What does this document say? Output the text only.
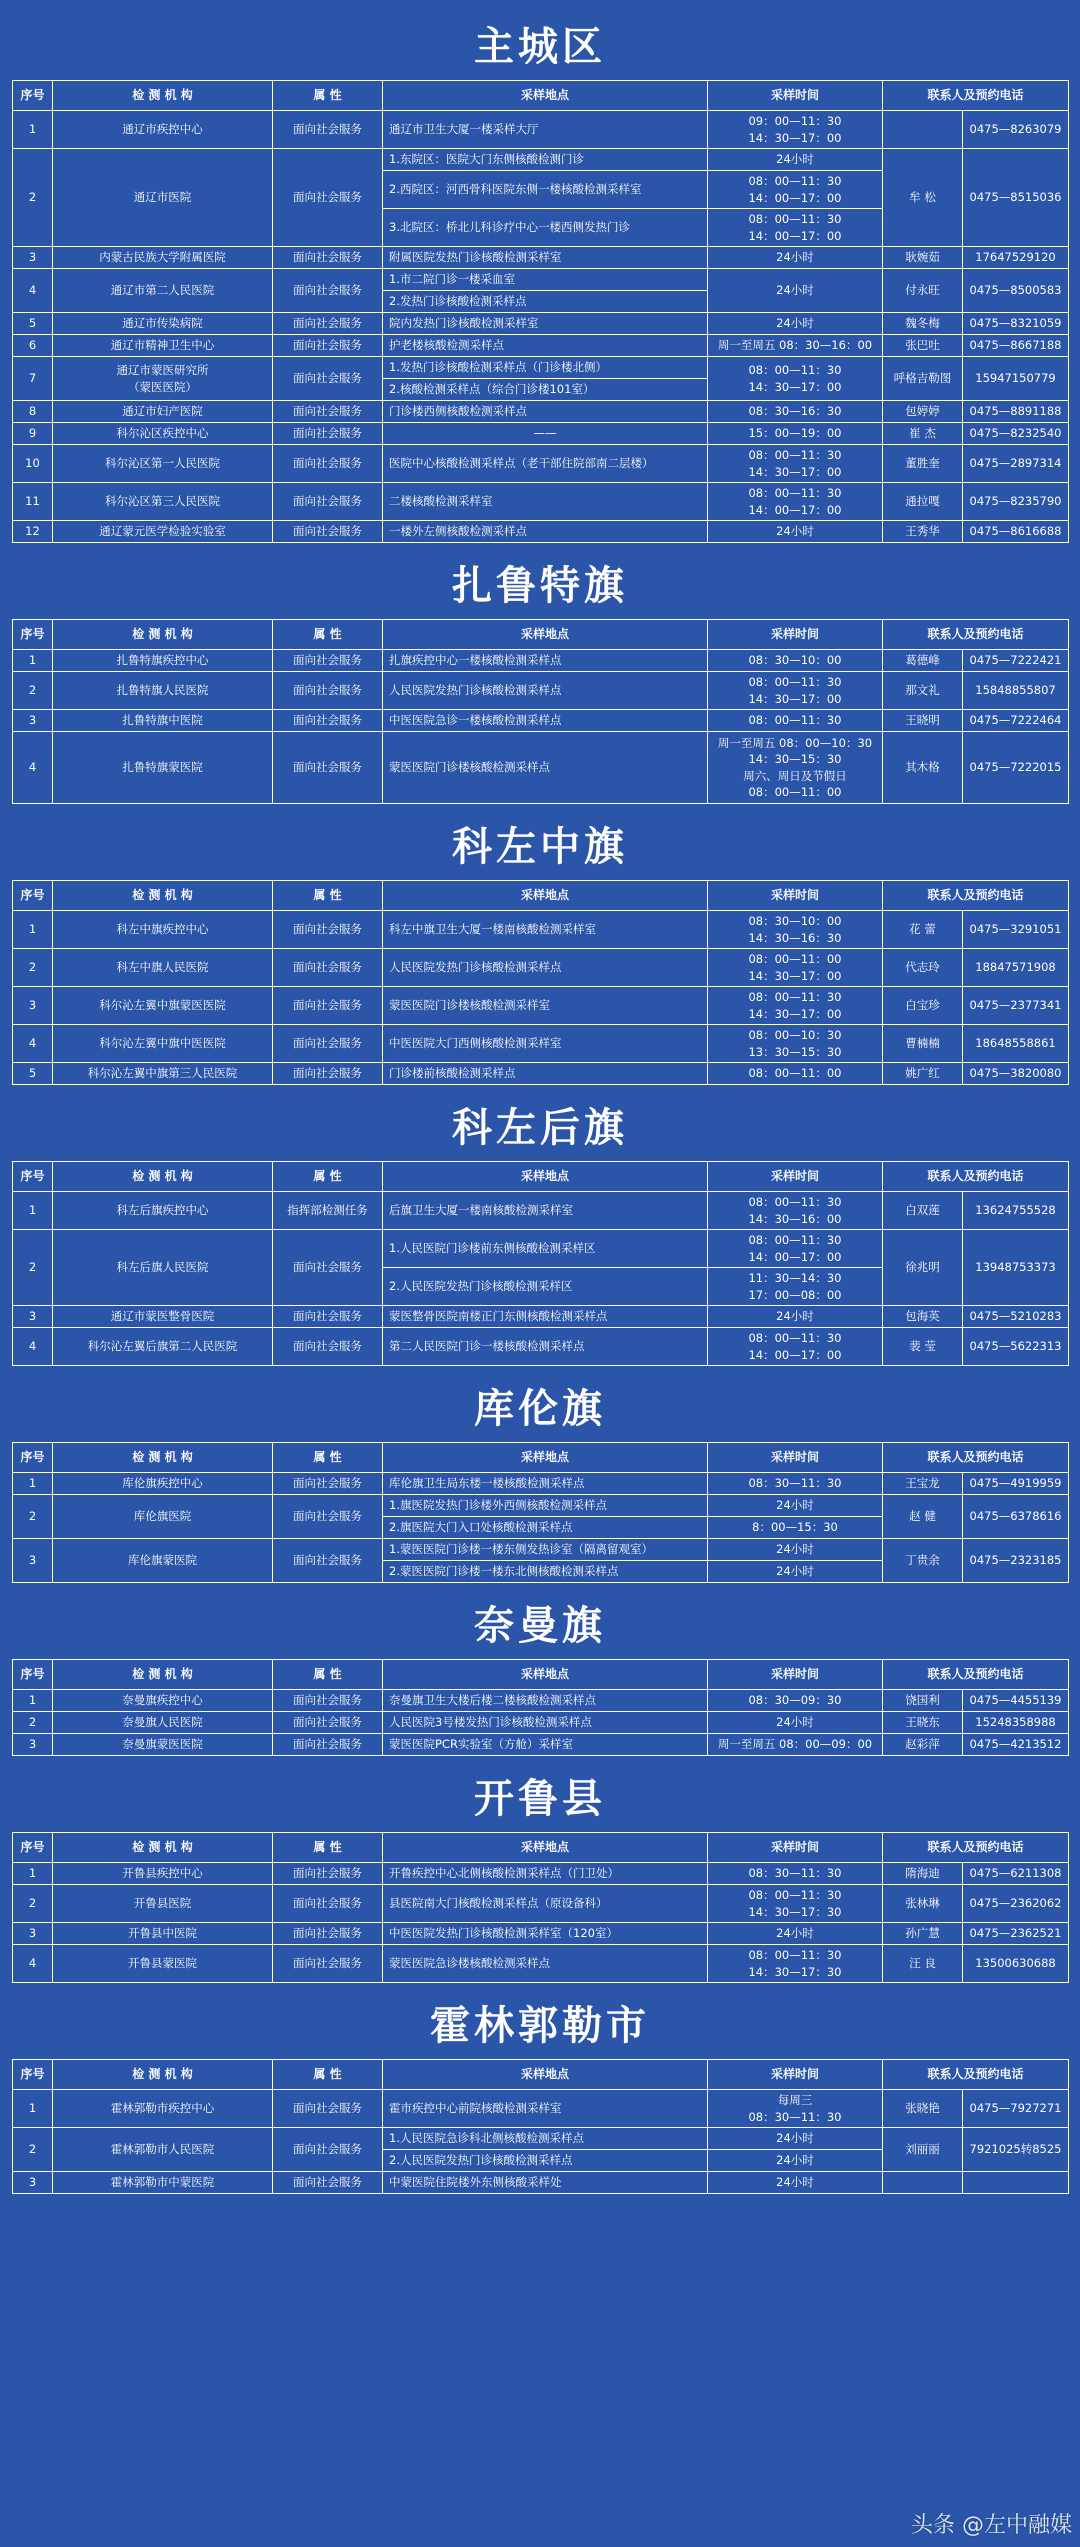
主城区
序号	检 测 机 构	属 性	采样地点	采样时间	联系人及预约电话	
1	通辽市疾控中心	面向社会服务	通辽市卫生大厦一楼采样大厅	09：00—11：30
14：30—17：00		0475—8263079
2	通辽市医院	面向社会服务	1.东院区：医院大门东侧核酸检测门诊	24小时	牟 松	0475—8515036
			2.西院区：河西骨科医院东侧一楼核酸检测采样室	08：00—11：30
14：00—17：00		

			3.北院区：桥北儿科诊疗中心一楼西侧发热门诊	08：00—11：30
14：00—17：00		

3	内蒙古民族大学附属医院	面向社会服务	附属医院发热门诊核酸检测采样室	24小时	耿婉茹	17647529120
4	通辽市第二人民医院	面向社会服务	1.市二院门诊一楼采血室	24小时	付永旺	0475—8500583
			2.发热门诊核酸检测采样点			
5	通辽市传染病院	面向社会服务	院内发热门诊核酸检测采样室	24小时	魏冬梅	0475—8321059
6	通辽市精神卫生中心	面向社会服务	护老楼核酸检测采样点	周一至周五 08：30—16：00	张巴吐	0475—8667188
7	通辽市蒙医研究所
（蒙医医院）	面向社会服务	1.发热门诊核酸检测采样点（门诊楼北侧）	08：00—11：30
14：30—17：00	呼格吉勒图	15947150779
			2.核酸检测采样点（综合门诊楼101室）			
8	通辽市妇产医院	面向社会服务	门诊楼西侧核酸检测采样点	08：30—16：30	包婷婷	0475—8891188
9	科尔沁区疾控中心	面向社会服务	——	15：00—19：00	崔 杰	0475—8232540
10	科尔沁区第一人民医院	面向社会服务	医院中心核酸检测采样点（老干部住院部南二层楼）	08：00—11：30
14：30—17：00	董胜奎	0475—2897314
11	科尔沁区第三人民医院	面向社会服务	二楼核酸检测采样室	08：00—11：30
14：00—17：00	通拉嘎	0475—8235790
12	通辽蒙元医学检验实验室	面向社会服务	一楼外左侧核酸检测采样点	24小时	王秀华	0475—8616688
扎鲁特旗
序号	检 测 机 构	属 性	采样地点	采样时间	联系人及预约电话	
1	扎鲁特旗疾控中心	面向社会服务	扎旗疾控中心一楼核酸检测采样点	08：30—10：00	葛德峰	0475—7222421
2	扎鲁特旗人民医院	面向社会服务	人民医院发热门诊核酸检测采样点	08：00—11：30
14：30—17：00	那文礼	15848855807
3	扎鲁特旗中医院	面向社会服务	中医医院急诊一楼核酸检测采样点	08：00—11：30	王晓明	0475—7222464
4	扎鲁特旗蒙医院	面向社会服务	蒙医医院门诊楼核酸检测采样点	周一至周五 08：00—10：30
14：30—15：30
周六、周日及节假日
08：00—11：00	其木格	0475—7222015
科左中旗
序号	检 测 机 构	属 性	采样地点	采样时间	联系人及预约电话	
1	科左中旗疾控中心	面向社会服务	科左中旗卫生大厦一楼南核酸检测采样室	08：30—10：00
14：30—16：30	花 蕾	0475—3291051
2	科左中旗人民医院	面向社会服务	人民医院发热门诊核酸检测采样点	08：00—11：00
14：30—17：00	代志玲	18847571908
3	科尔沁左翼中旗蒙医医院	面向社会服务	蒙医医院门诊楼核酸检测采样室	08：00—11：30
14：30—17：00	白宝珍	0475—2377341
4	科尔沁左翼中旗中医医院	面向社会服务	中医医院大门西侧核酸检测采样室	08：00—10：30
13：30—15：30	曹楠楠	18648558861
5	科尔沁左翼中旗第三人民医院	面向社会服务	门诊楼前核酸检测采样点	08：00—11：00	姚广红	0475—3820080
科左后旗
序号	检 测 机 构	属 性	采样地点	采样时间	联系人及预约电话	
1	科左后旗疾控中心	指挥部检测任务	后旗卫生大厦一楼南核酸检测采样室	08：00—11：30
14：30—16：00	白双莲	13624755528
2	科左后旗人民医院	面向社会服务	1.人民医院门诊楼前东侧核酸检测采样区	08：00—11：30
14：00—17：00	徐兆明	13948753373
			2.人民医院发热门诊核酸检测采样区	11：30—14：30
17：00—08：00		

3	通辽市蒙医整骨医院	面向社会服务	蒙医整骨医院南楼正门东侧核酸检测采样点	24小时	包海英	0475—5210283
4	科尔沁左翼后旗第二人民医院	面向社会服务	第二人民医院门诊一楼核酸检测采样点	08：00—11：30
14：00—17：00	裴 莹	0475—5622313
库伦旗
序号	检 测 机 构	属 性	采样地点	采样时间	联系人及预约电话	
1	库伦旗疾控中心	面向社会服务	库伦旗卫生局东楼一楼核酸检测采样点	08：30—11：30	王宝龙	0475—4919959
2	库伦旗医院	面向社会服务	1.旗医院发热门诊楼外西侧核酸检测采样点	24小时	赵 健	0475—6378616
			2.旗医院大门入口处核酸检测采样点	8：00—15：30		

3	库伦旗蒙医院	面向社会服务	1.蒙医医院门诊楼一楼东侧发热诊室（隔离留观室）	24小时	丁贵余	0475—2323185
			2.蒙医医院门诊楼一楼东北侧核酸检测采样点	24小时		
奈曼旗
序号	检 测 机 构	属 性	采样地点	采样时间	联系人及预约电话	
1	奈曼旗疾控中心	面向社会服务	奈曼旗卫生大楼后楼二楼核酸检测采样点	08：30—09：30	饶国利	0475—4455139
2	奈曼旗人民医院	面向社会服务	人民医院3号楼发热门诊核酸检测采样点	24小时	王晓东	15248358988
3	奈曼旗蒙医医院	面向社会服务	蒙医医院PCR实验室（方舱）采样室	周一至周五 08：00—09：00	赵彩萍	0475—4213512
开鲁县
序号	检 测 机 构	属 性	采样地点	采样时间	联系人及预约电话	
1	开鲁县疾控中心	面向社会服务	开鲁疾控中心北侧核酸检测采样点（门卫处）	08：30—11：30	隋海迪	0475—6211308
2	开鲁县医院	面向社会服务	县医院南大门核酸检测采样点（原设备科）	08：00—11：30
14：30—17：30	张林琳	0475—2362062
3	开鲁县中医院	面向社会服务	中医医院发热门诊核酸检测采样室（120室）	24小时	孙广慧	0475—2362521
4	开鲁县蒙医院	面向社会服务	蒙医医院急诊楼核酸检测采样点	08：00—11：30
14：30—17：30	汪 良	13500630688
霍林郭勒市
序号	检 测 机 构	属 性	采样地点	采样时间	联系人及预约电话	
1	霍林郭勒市疾控中心	面向社会服务	霍市疾控中心前院核酸检测采样室	每周三
08：30—11：30	张晓艳	0475—7927271
2	霍林郭勒市人民医院	面向社会服务	1.人民医院急诊科北侧核酸检测采样点	24小时	刘丽丽	7921025转8525
			2.人民医院发热门诊核酸检测采样点	24小时		

3	霍林郭勒市中蒙医院	面向社会服务	中蒙医院住院楼外东侧核酸采样处	24小时		

头条 @左中融媒
